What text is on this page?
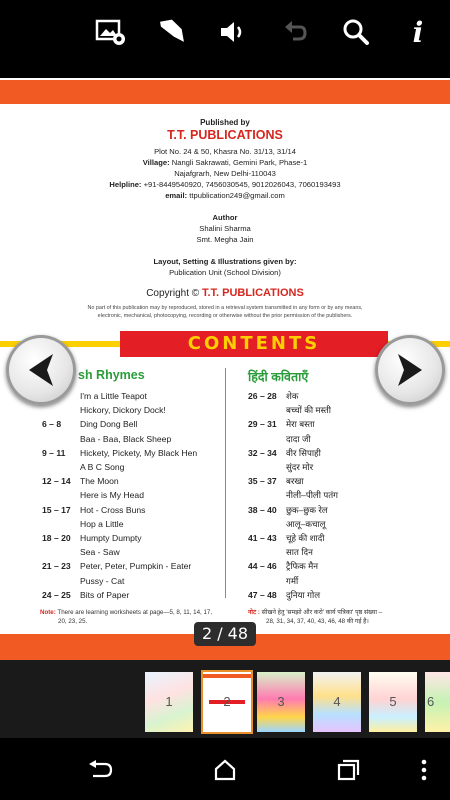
i
Published by
T.T. PUBLICATIONS
Plot No. 24 & 50, Khasra No. 31/13, 31/14
Village: Nangli Sakrawati, Gemini Park, Phase-1
Najafgrarh, New Delhi-110043
Helpline: +91-8449540920, 7456030545, 9012026043, 7060193493
email: ttpublication249@gmail.com
Author
Shalini Sharma
Smt. Megha Jain
Layout, Setting & Illustrations given by:
Publication Unit (School Division)
Copyright © T.T. PUBLICATIONS
No part of this publication may by reproduced, stored in a retrieval system transmitted in any form or by any means,
electronic, mechanical, photocopying, recording or otherwise without the prior permission of the publishers.
CONTENTS
sh Rhymes	हिंदी कविताएँ
I'm a Little Teapot
Hickory, Dickory Dock!
6 – 8 Ding Dong Bell
Baa - Baa, Black Sheep
9 – 11 Hickety, Pickety, My Black Hen
A B C Song
12 – 14 The Moon
Here is My Head
15 – 17 Hot - Cross Buns
Hop a Little
18 – 20 Humpty Dumpty
Sea - Saw
21 – 23 Peter, Peter, Pumpkin - Eater
Pussy - Cat
24 – 25 Bits of Paper
26 – 28 शेक
बच्चों की मस्ती
29 – 31 मेरा बस्ता
दादा जी
32 – 34 वीर सिपाही
सुंदर मोर
35 – 37 बरखा
नीली–पीली पतंग
38 – 40 छुक–छुक रेल
आलू–कचालू
41 – 43 चूहे की शादी
सात दिन
44 – 46 ट्रैफिक मैन
गर्मी
47 – 48 दुनिया गोल
Note: There are learning worksheets at page—5, 8, 11, 14, 17,
20, 23, 25.
नोट : सीखने हेतु 'समझो और करो' कार्य पत्रिका' पृष्ठ संख्या –
28, 31, 34, 37, 40, 43, 46, 48 की गई है।
2 / 48
1	2	3	4	5	6
